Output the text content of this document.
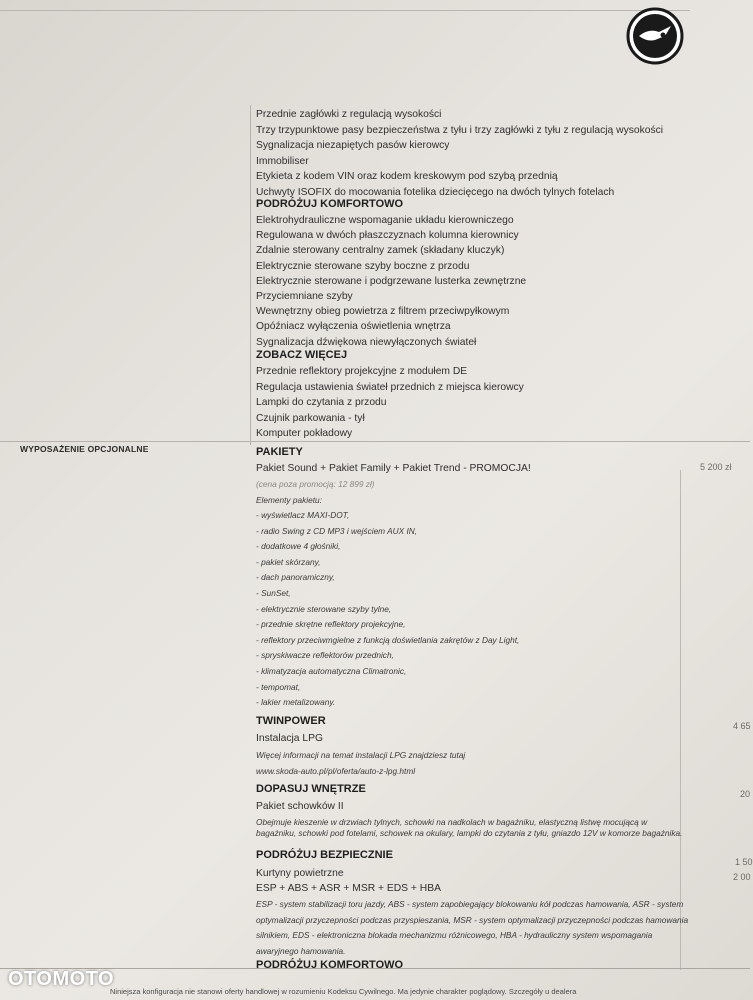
Przednie zagłówki z regulacją wysokości
Trzy trzypunktowe pasy bezpieczeństwa z tyłu i trzy zagłówki z tyłu z regulacją wysokości
Sygnalizacja niezapiętych pasów kierowcy
Immobiliser
Etykieta z kodem VIN oraz kodem kreskowym pod szybą przednią
Uchwyty ISOFIX do mocowania fotelika dziecięcego na dwóch tylnych fotelach
PODRÓŻUJ KOMFORTOWO
Elektrohydrauliczne wspomaganie układu kierowniczego
Regulowana w dwóch płaszczyznach kolumna kierownicy
Zdalnie sterowany centralny zamek (składany kluczyk)
Elektrycznie sterowane szyby boczne z przodu
Elektrycznie sterowane i podgrzewane lusterka zewnętrzne
Przyciemniane szyby
Wewnętrzny obieg powietrza z filtrem przeciwpyłkowym
Opóźniacz wyłączenia oświetlenia wnętrza
Sygnalizacja dźwiękowa niewyłączonych świateł
ZOBACZ WIĘCEJ
Przednie reflektory projekcyjne z modułem DE
Regulacja ustawienia świateł przednich z miejsca kierowcy
Lampki do czytania z przodu
Czujnik parkowania - tył
Komputer pokładowy
WYPOSAŻENIE OPCJONALNE	PAKIETY
Pakiet Sound + Pakiet Family + Pakiet Trend - PROMOCJA!	5 200 zł
(cena poza promocją: 12 899 zł)
Elementy pakietu:
- wyświetlacz MAXI-DOT,
- radio Swing z CD MP3 i wejściem AUX IN,
- dodatkowe 4 głośniki,
- pakiet skórzany,
- dach panoramiczny,
- SunSet,
- elektrycznie sterowane szyby tylne,
- przednie skrętne reflektory projekcyjne,
- reflektory przeciwmgielne z funkcją doświetlania zakrętów z Day Light,
- spryskiwacze reflektorów przednich,
- klimatyzacja automatyczna Climatronic,
- tempomat,
- lakier metalizowany.
TWINPOWER
Instalacja LPG
4 65
Więcej informacji na temat instalacji LPG znajdziesz tutaj
www.skoda-auto.pl/pl/oferta/auto-z-lpg.html
DOPASUJ WNĘTRZE
Pakiet schowków II
20
Obejmuje kieszenie w drzwiach tylnych, schowki na nadkolach w bagażniku, elastyczną listwę mocującą w
bagażniku, schowki pod fotelami, schowek na okulary, lampki do czytania z tyłu, gniazdo 12V w komorze bagażnika.
PODRÓŻUJ BEZPIECZNIE
Kurtyny powietrzne
1 50
ESP + ABS + ASR + MSR + EDS + HBA
2 00
ESP - system stabilizacji toru jazdy, ABS - system zapobiegający blokowaniu kół podczas hamowania, ASR - system
optymalizacji przyczepności podczas przyspieszania, MSR - system optymalizacji przyczepności podczas hamowania
silnikiem, EDS - elektroniczna blokada mechanizmu różnicowego, HBA - hydrauliczny system wspomagania
awaryjnego hamowania.
PODRÓŻUJ KOMFORTOWO
OTOMOTO
Niniejsza konfiguracja nie stanowi oferty handlowej w rozumieniu Kodeksu Cywilnego. Ma jedynie charakter poglądowy. Szczegóły u dealera
